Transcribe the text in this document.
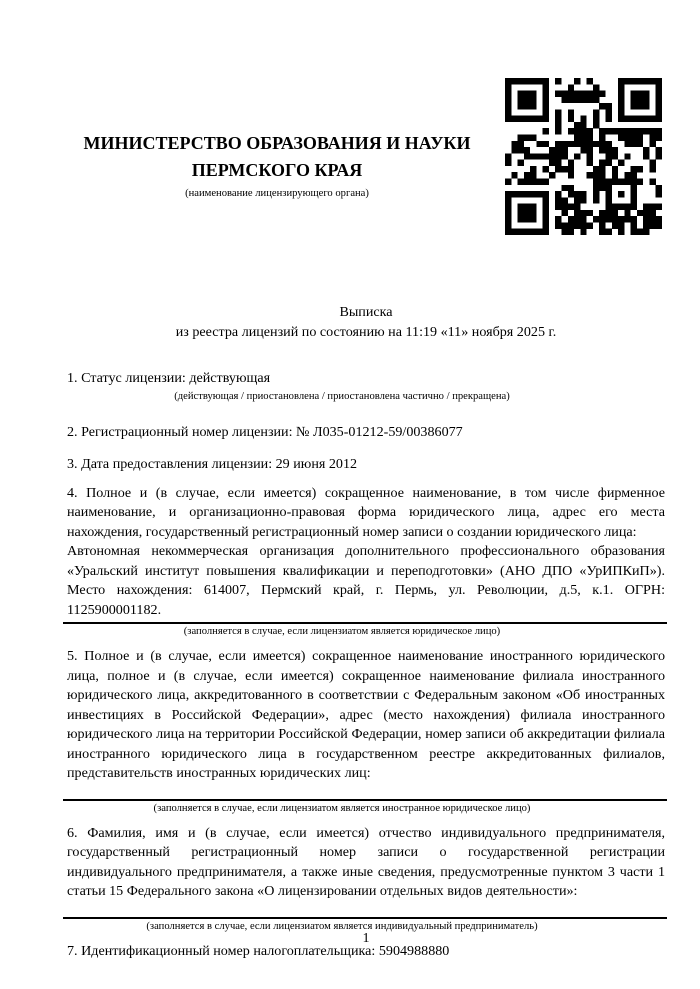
МИНИСТЕРСТВО ОБРАЗОВАНИЯ И НАУКИ ПЕРМСКОГО КРАЯ
(наименование лицензирующего органа)

Выписка

из реестра лицензий по состоянию на 11:19 «11» ноября 2025 г.

1. Статус лицензии: действующая

(действующая / приостановлена / приостановлена частично / прекращена)

2. Регистрационный номер лицензии: № Л035-01212-59/00386077

3. Дата предоставления лицензии: 29 июня 2012

4. Полное и (в случае, если имеется) сокращенное наименование, в том числе фирменное наименование, и организационно-правовая форма юридического лица, адрес его места нахождения, государственный регистрационный номер записи о создании юридического лица:

Автономная некоммерческая организация дополнительного профессионального образования «Уральский институт повышения квалификации и переподготовки» (АНО ДПО «УрИПКиП»). Место нахождения: 614007, Пермский край, г. Пермь, ул. Революции, д.5, к.1. ОГРН: 1125900001182.

(заполняется в случае, если лицензиатом является юридическое лицо)

5. Полное и (в случае, если имеется) сокращенное наименование иностранного юридического лица, полное и (в случае, если имеется) сокращенное наименование филиала иностранного юридического лица, аккредитованного в соответствии с Федеральным законом «Об иностранных инвестициях в Российской Федерации», адрес (место нахождения) филиала иностранного юридического лица на территории Российской Федерации, номер записи об аккредитации филиала иностранного юридического лица в государственном реестре аккредитованных филиалов, представительств иностранных юридических лиц:

(заполняется в случае, если лицензиатом является иностранное юридическое лицо)

6. Фамилия, имя и (в случае, если имеется) отчество индивидуального предпринимателя, государственный регистрационный номер записи о государственной регистрации индивидуального предпринимателя, а также иные сведения, предусмотренные пунктом 3 части 1 статьи 15 Федерального закона «О лицензировании отдельных видов деятельности»:

(заполняется в случае, если лицензиатом является индивидуальный предприниматель)

7. Идентификационный номер налогоплательщика: 5904988880

1
